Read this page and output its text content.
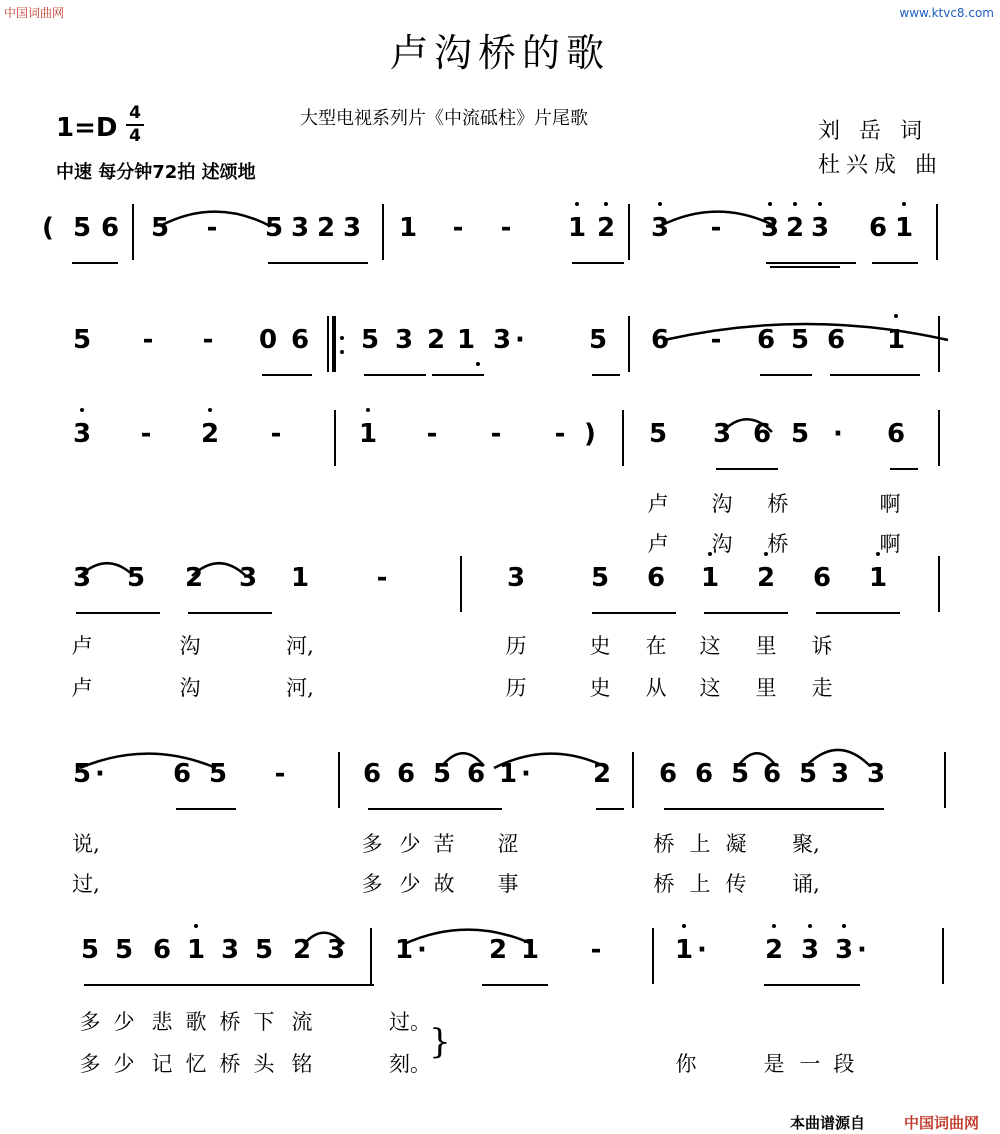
中国词曲网	www.ktvc8.com
卢沟桥的歌
大型电视系列片《中流砥柱》片尾歌
刘 岳 词
杜兴成 曲
1=D 4
4
中速 每分钟72拍 述颂地
( 5 6 5 - 5 3 2 3 1 - - 1 2 3 - 3 2 3 6 1
5 - - 0 6 5 3 2 1 3 · 5 6 - 6 5 6 1
3 - 2 -	1 - - - ) 5 3 6 5 · 6
3 5 2 3 1	-	3	5 6 1 2 6 1
5 ·	6 5 -	6 6 5 6 1 · 2 6 6 5 6 5 3 3
5 5 6 1 3 5 2 3 1 · 2 1 -	1 · 2 3 3 ·
卢 沟 桥	啊
卢 沟 桥	啊
卢	沟	河,	历	史 在 这 里 诉
卢	沟	河,	历	史 从 这 里 走
说,	多 少 苦 涩	桥 上 凝 聚,
过,	多 少 故 事	桥 上 传 诵,
多 少 悲 歌 桥 下 流	过。
多 少 记 忆 桥 头 铭	刻。
}
你	是 一 段
本曲谱源自	中国词曲网
